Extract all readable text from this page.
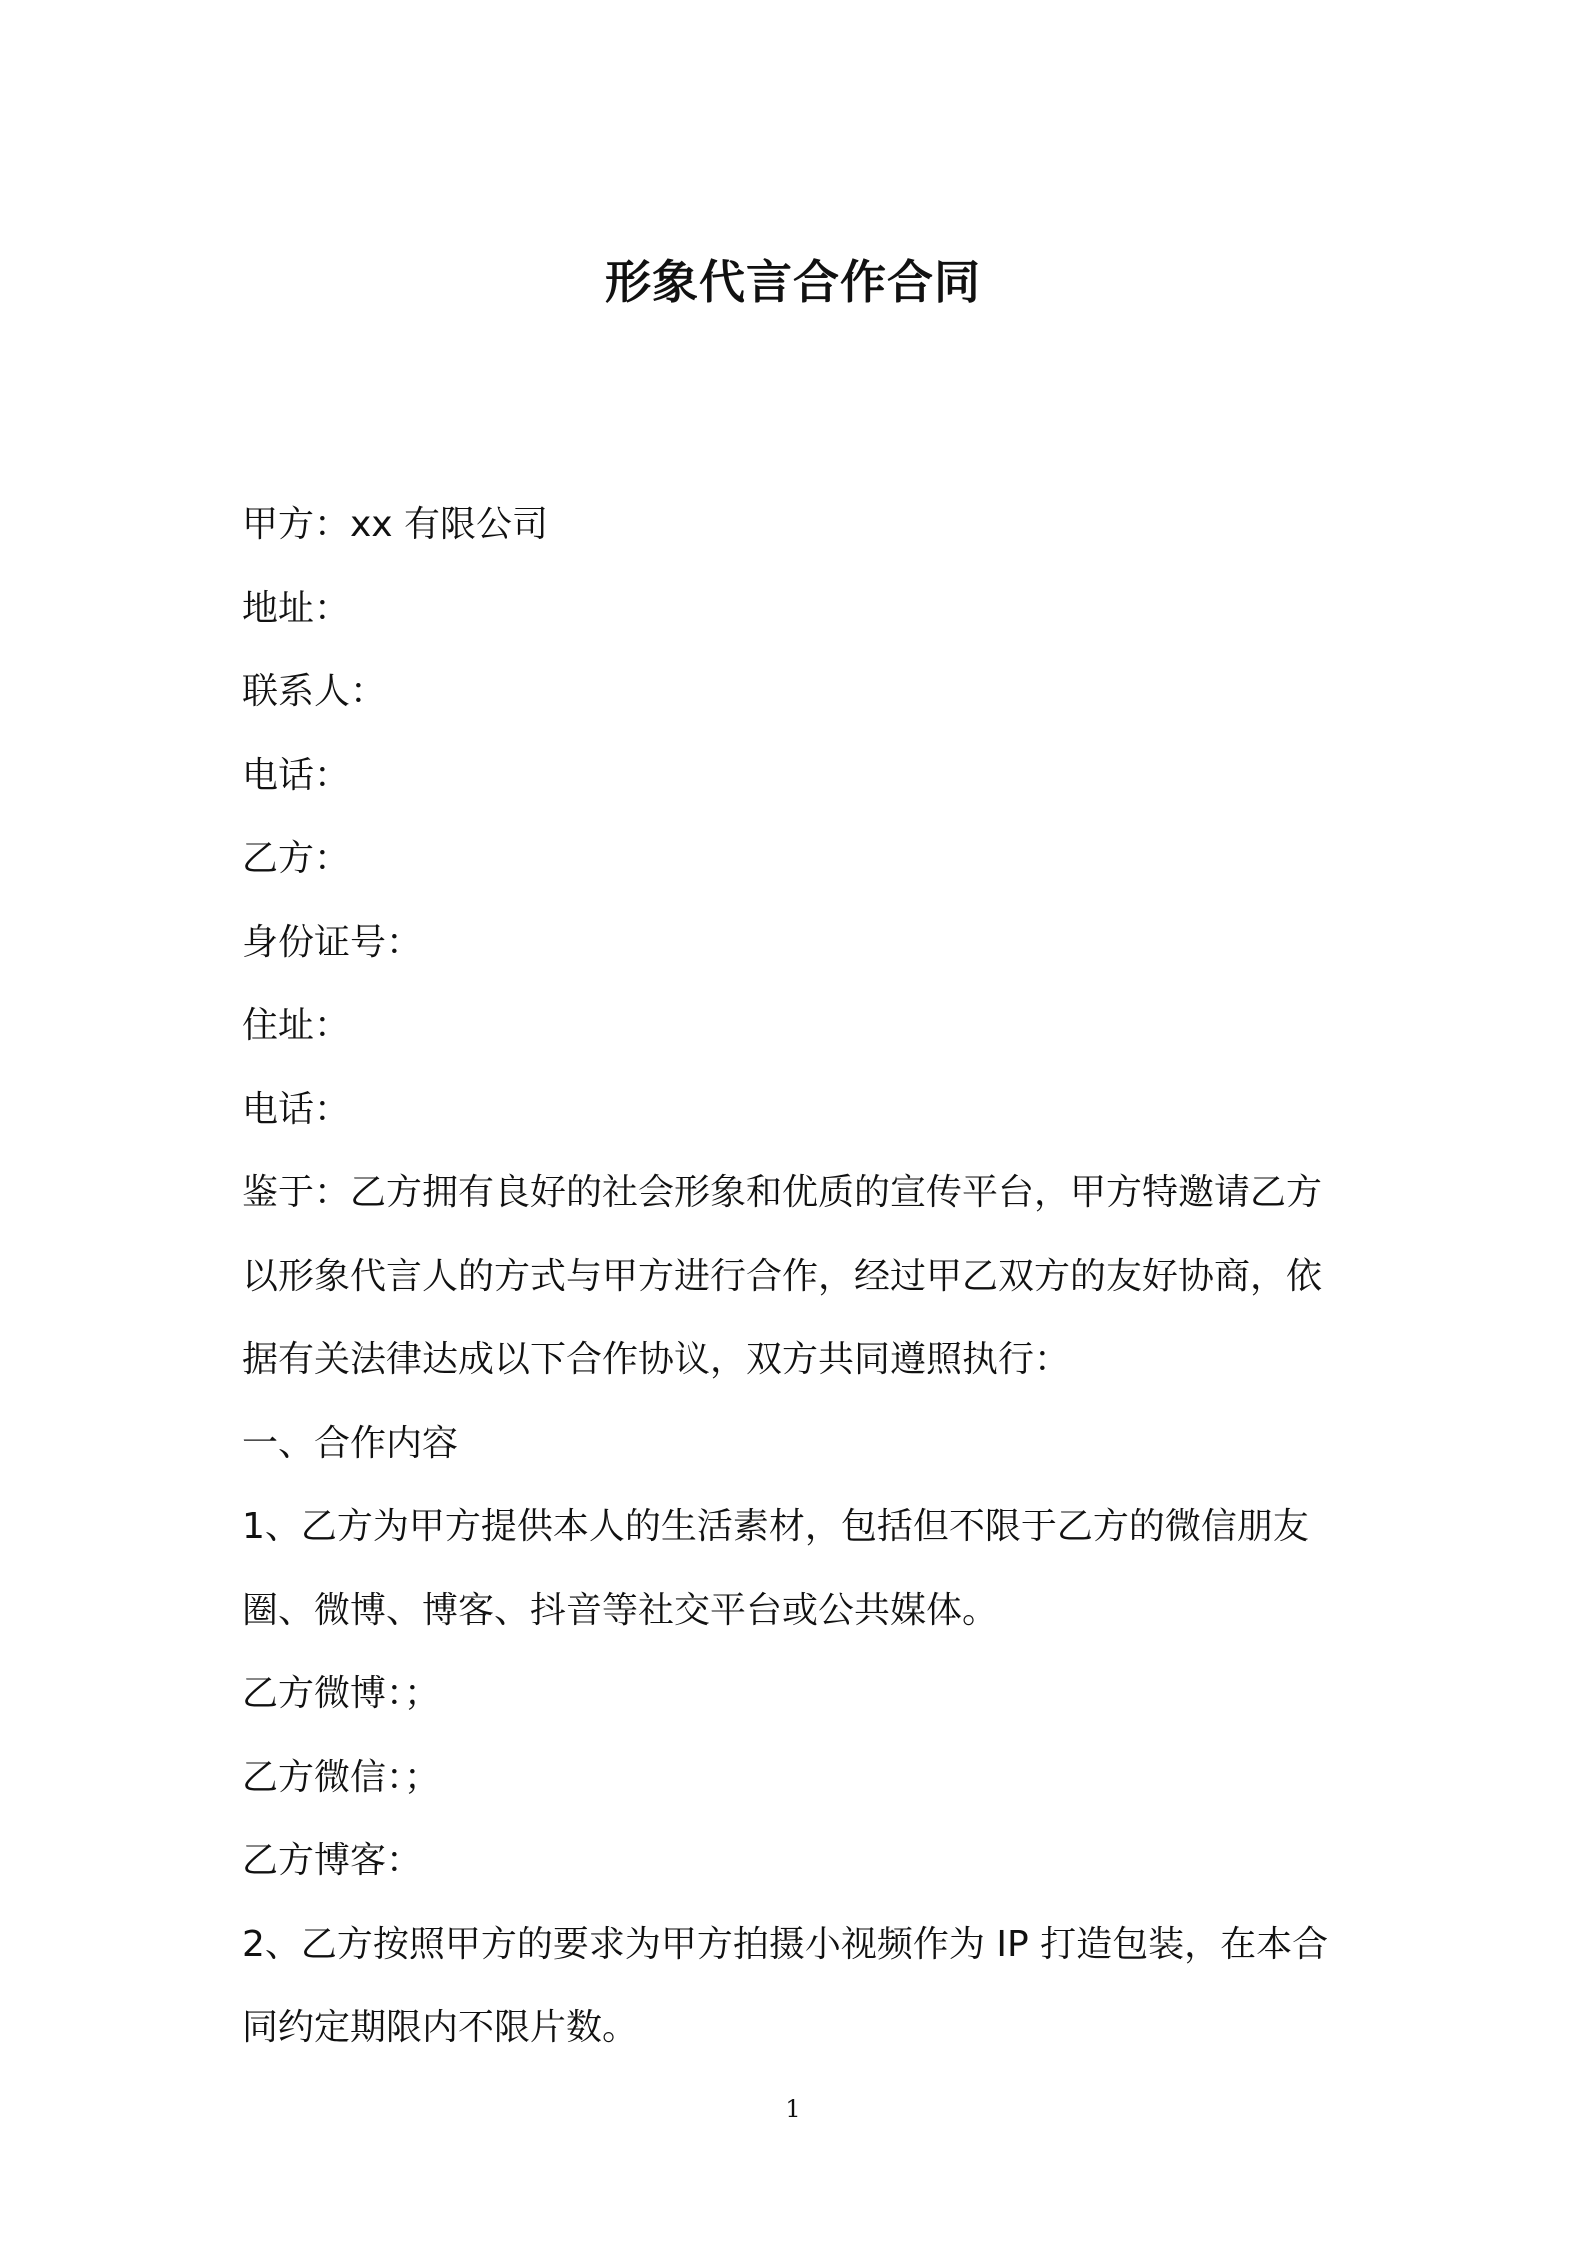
形象代言合作合同
甲方：xx 有限公司
地址：
联系人：
电话：
乙方：
身份证号：
住址：
电话：
鉴于：乙方拥有良好的社会形象和优质的宣传平台，甲方特邀请乙方
以形象代言人的方式与甲方进行合作，经过甲乙双方的友好协商，依
据有关法律达成以下合作协议，双方共同遵照执行：
一、合作内容
1、乙方为甲方提供本人的生活素材，包括但不限于乙方的微信朋友
圈、微博、博客、抖音等社交平台或公共媒体。
乙方微博：；
乙方微信：；
乙方博客：
2、乙方按照甲方的要求为甲方拍摄小视频作为 IP 打造包装，在本合
同约定期限内不限片数。
1
